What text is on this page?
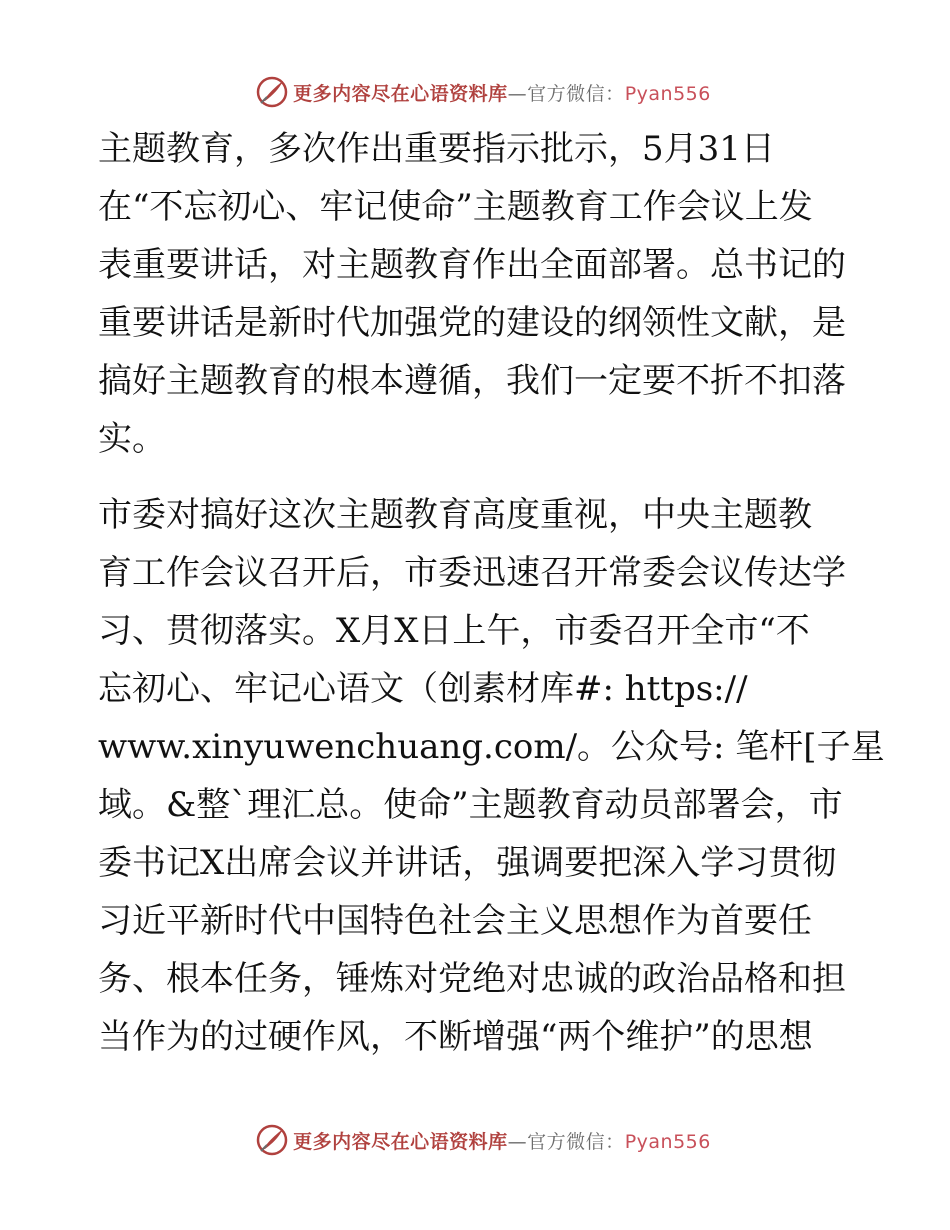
更多内容尽在心语资料库—官方微信：Pyan556
主题教育，多次作出重要指示批示，5月31日
在“不忘初心、牢记使命”主题教育工作会议上发
表重要讲话，对主题教育作出全面部署。总书记的
重要讲话是新时代加强党的建设的纲领性文献，是
搞好主题教育的根本遵循，我们一定要不折不扣落
实。
市委对搞好这次主题教育高度重视，中央主题教
育工作会议召开后，市委迅速召开常委会议传达学
习、贯彻落实。X月X日上午，市委召开全市“不
忘初心、牢记心语文（创素材库#: https://
www.xinyuwenchuang.com/。公众号: 笔杆[子星
域。&整`理汇总。使命”主题教育动员部署会，市
委书记X出席会议并讲话，强调要把深入学习贯彻
习近平新时代中国特色社会主义思想作为首要任
务、根本任务，锤炼对党绝对忠诚的政治品格和担
当作为的过硬作风，不断增强“两个维护”的思想
更多内容尽在心语资料库—官方微信：Pyan556
